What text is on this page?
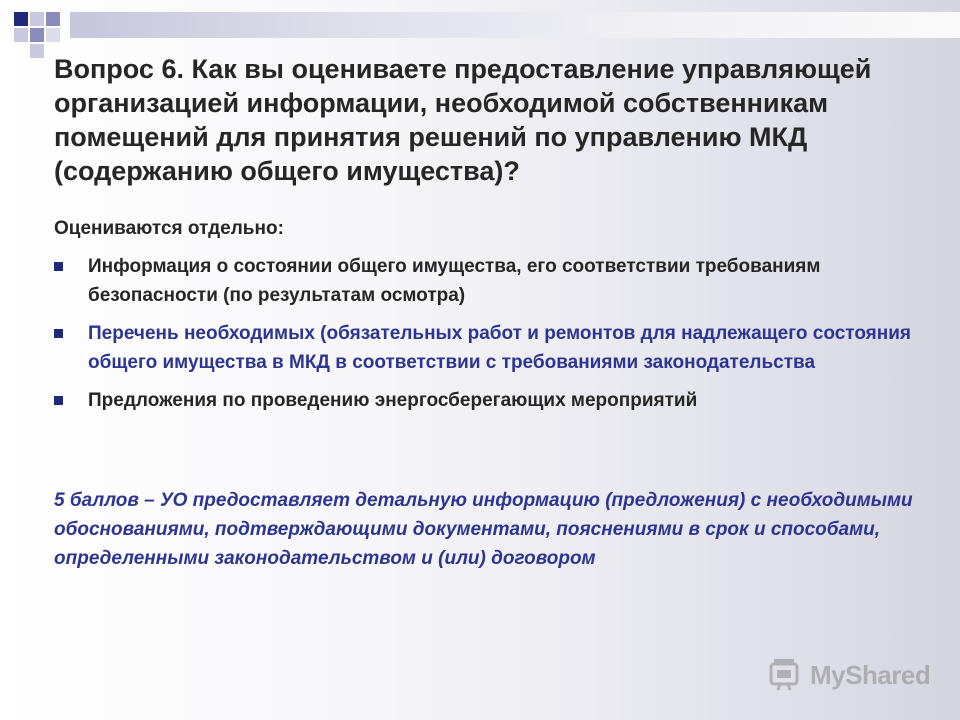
Вопрос 6. Как вы оцениваете предоставление управляющей организацией информации, необходимой собственникам помещений для принятия решений по управлению МКД (содержанию общего имущества)?

Оцениваются отдельно:

Информация о состоянии общего имущества, его соответствии требованиям безопасности (по результатам осмотра)
Перечень необходимых (обязательных работ и ремонтов для надлежащего состояния общего имущества в МКД в соответствии с требованиями законодательства
Предложения по проведению энергосберегающих мероприятий

5 баллов – УО предоставляет детальную информацию (предложения) с необходимыми обоснованиями, подтверждающими документами, пояснениями в срок и способами, определенными законодательством и (или) договором

MyShared
